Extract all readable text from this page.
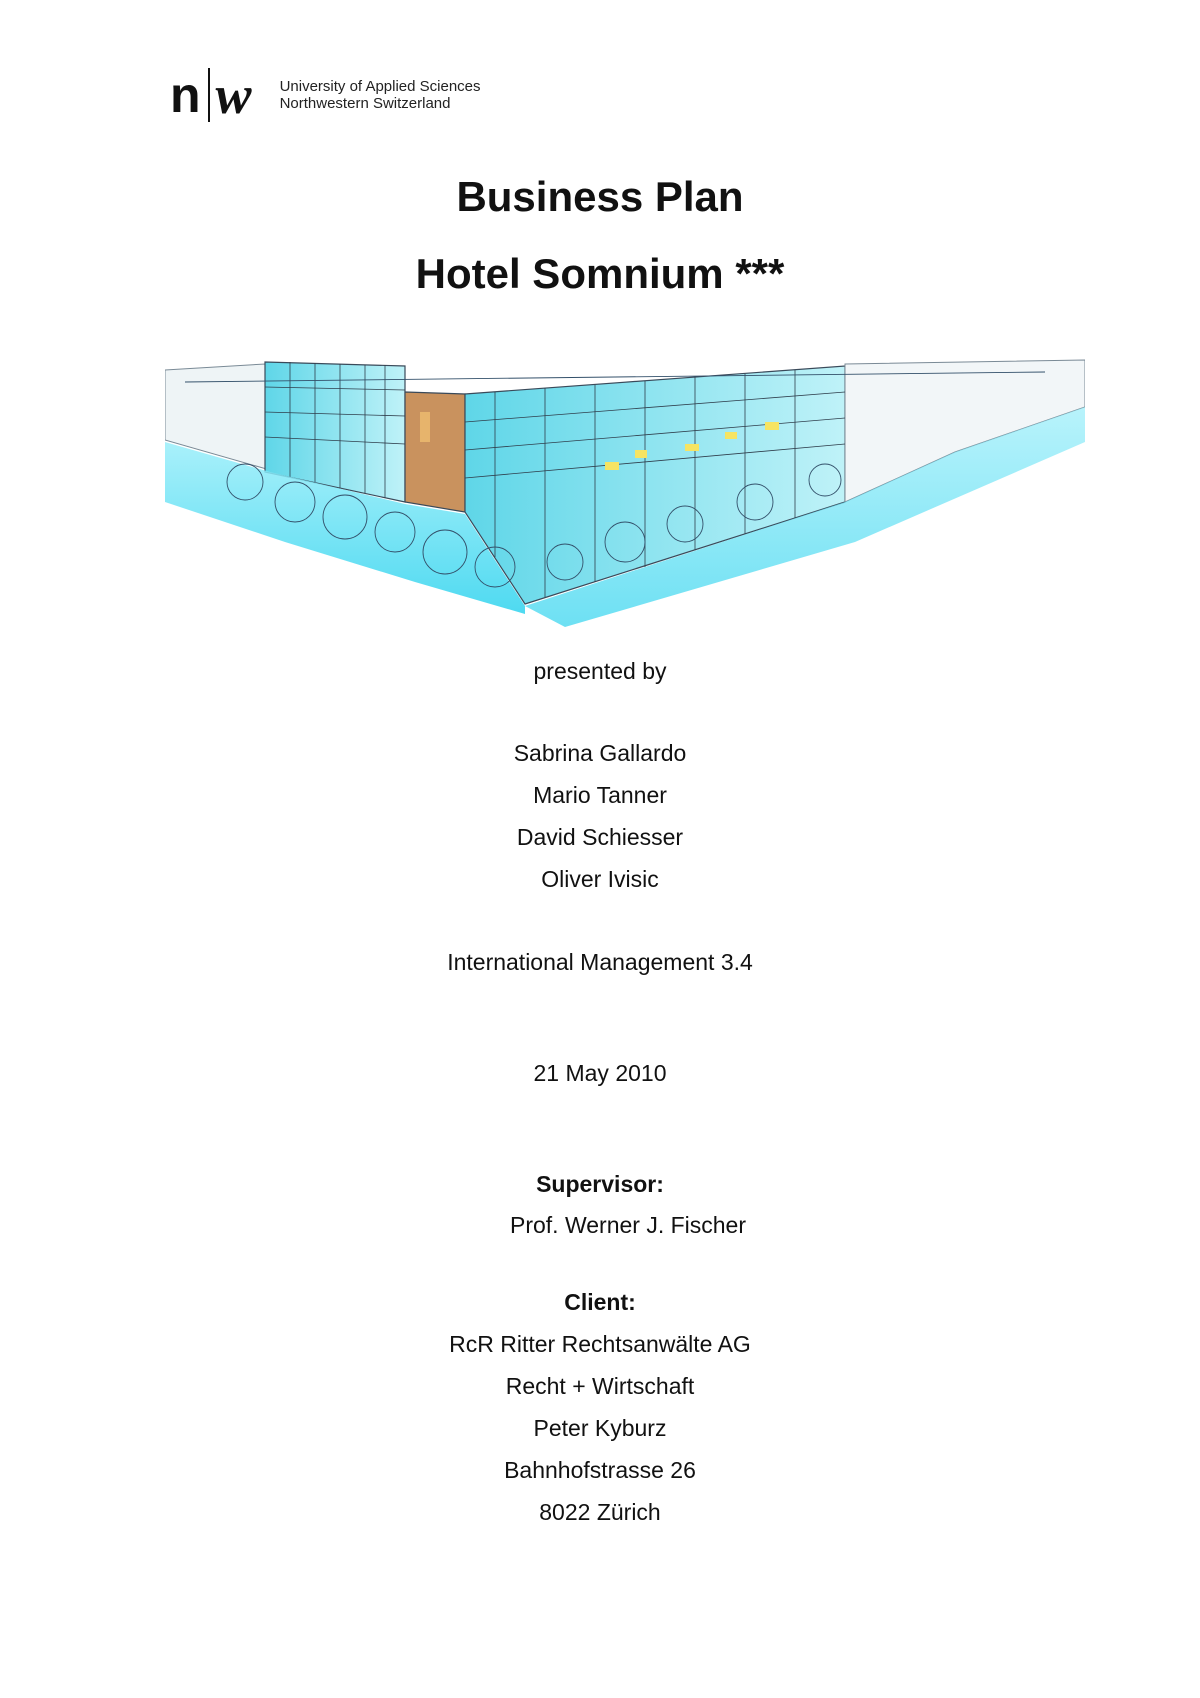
n w University of Applied Sciences
Northwestern Switzerland
Business Plan
Hotel Somnium ***
presented by
Sabrina Gallardo
Mario Tanner
David Schiesser
Oliver Ivisic
International Management 3.4
21 May 2010
Supervisor:
Prof. Werner J. Fischer
Client:
RcR Ritter Rechtsanwälte AG
Recht + Wirtschaft
Peter Kyburz
Bahnhofstrasse 26
8022 Zürich
